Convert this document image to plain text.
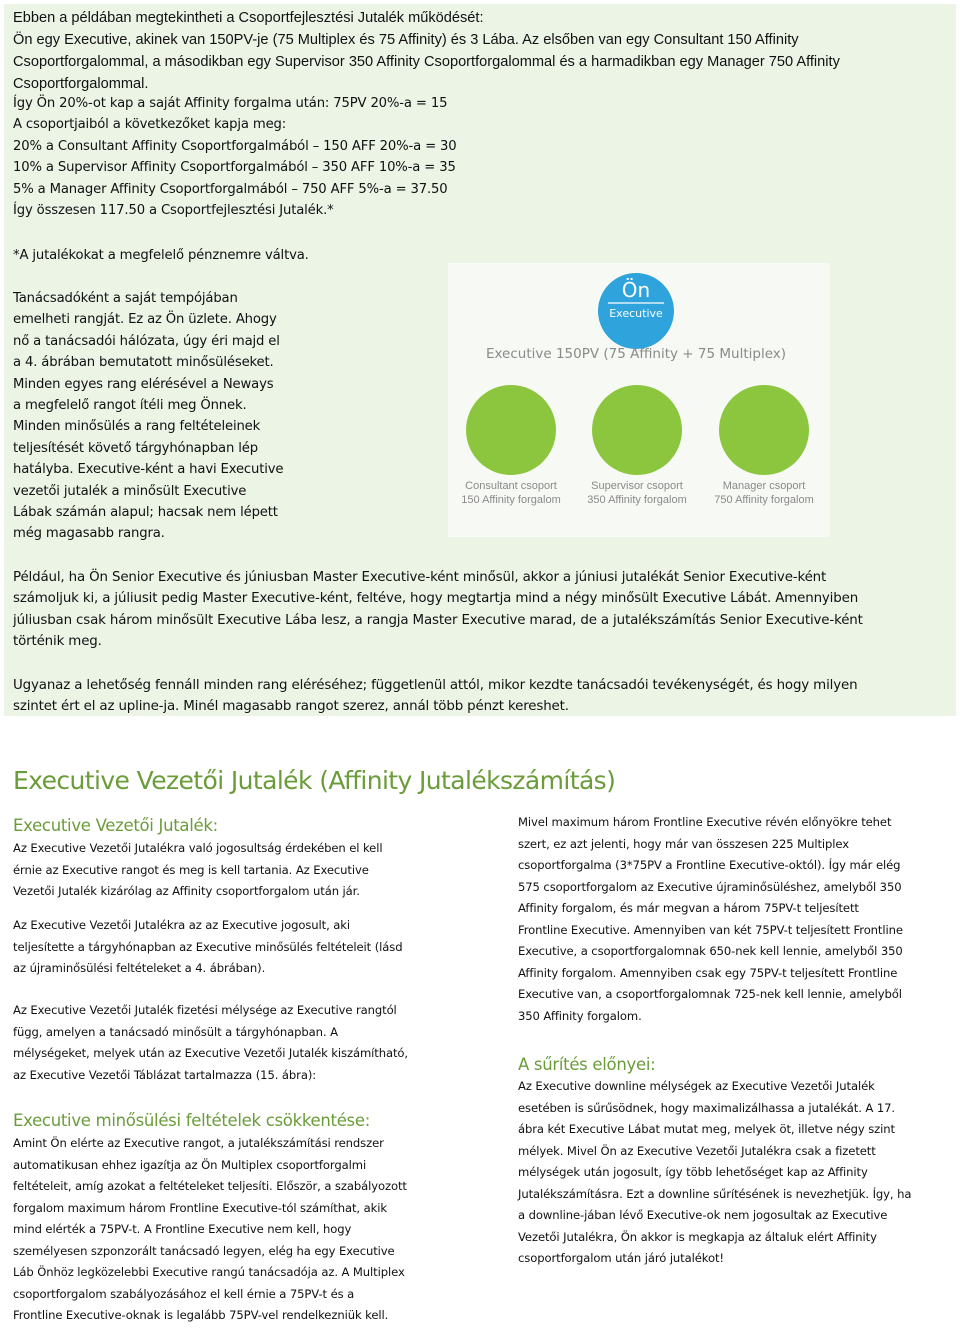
Ebben a példában megtekintheti a Csoportfejlesztési Jutalék működését:
Ön egy Executive, akinek van 150PV-je (75 Multiplex és 75 Affinity) és 3 Lába. Az elsőben van egy Consultant 150 Affinity
Csoportforgalommal, a másodikban egy Supervisor 350 Affinity Csoportforgalommal és a harmadikban egy Manager 750 Affinity
Csoportforgalommal.
Így Ön 20%-ot kap a saját Affinity forgalma után: 75PV 20%-a = 15
A csoportjaiból a következőket kapja meg:
20% a Consultant Affinity Csoportforgalmából – 150 AFF 20%-a = 30
10% a Supervisor Affinity Csoportforgalmából – 350 AFF 10%-a = 35
5% a Manager Affinity Csoportforgalmából – 750 AFF 5%-a = 37.50
Így összesen 117.50 a Csoportfejlesztési Jutalék.*
*A jutalékokat a megfelelő pénznemre váltva.
Tanácsadóként a saját tempójában
emelheti rangját. Ez az Ön üzlete. Ahogy
nő a tanácsadói hálózata, úgy éri majd el
a 4. ábrában bemutatott minősüléseket.
Minden egyes rang elérésével a Neways
a megfelelő rangot ítéli meg Önnek.
Minden minősülés a rang feltételeinek
teljesítését követő tárgyhónapban lép
hatályba. Executive-ként a havi Executive
vezetői jutalék a minősült Executive
Lábak számán alapul; hacsak nem lépett
még magasabb rangra.
Ön
Executive
Executive 150PV (75 Affinity + 75 Multiplex)
Consultant csoport
150 Affinity forgalom
Supervisor csoport
350 Affinity forgalom
Manager csoport
750 Affinity forgalom
Például, ha Ön Senior Executive és júniusban Master Executive-ként minősül, akkor a júniusi jutalékát Senior Executive-ként
számoljuk ki, a júliusit pedig Master Executive-ként, feltéve, hogy megtartja mind a négy minősült Executive Lábát. Amennyiben
júliusban csak három minősült Executive Lába lesz, a rangja Master Executive marad, de a jutalékszámítás Senior Executive-ként
történik meg.
Ugyanaz a lehetőség fennáll minden rang eléréséhez; függetlenül attól, mikor kezdte tanácsadói tevékenységét, és hogy milyen
szintet ért el az upline-ja. Minél magasabb rangot szerez, annál több pénzt kereshet.
Executive Vezetői Jutalék (Affinity Jutalékszámítás)
Executive Vezetői Jutalék:
Az Executive Vezetői Jutalékra való jogosultság érdekében el kell
érnie az Executive rangot és meg is kell tartania. Az Executive
Vezetői Jutalék kizárólag az Affinity csoportforgalom után jár.
Az Executive Vezetői Jutalékra az az Executive jogosult, aki
teljesítette a tárgyhónapban az Executive minősülés feltételeit (lásd
az újraminősülési feltételeket a 4. ábrában).
Az Executive Vezetői Jutalék fizetési mélysége az Executive rangtól
függ, amelyen a tanácsadó minősült a tárgyhónapban. A
mélységeket, melyek után az Executive Vezetői Jutalék kiszámítható,
az Executive Vezetői Táblázat tartalmazza (15. ábra):
Executive minősülési feltételek csökkentése:
Amint Ön elérte az Executive rangot, a jutalékszámítási rendszer
automatikusan ehhez igazítja az Ön Multiplex csoportforgalmi
feltételeit, amíg azokat a feltételeket teljesíti. Először, a szabályozott
forgalom maximum három Frontline Executive-tól számíthat, akik
mind elérték a 75PV-t. A Frontline Executive nem kell, hogy
személyesen szponzorált tanácsadó legyen, elég ha egy Executive
Láb Önhöz legközelebbi Executive rangú tanácsadója az. A Multiplex
csoportforgalom szabályozásához el kell érnie a 75PV-t és a
Frontline Executive-oknak is legalább 75PV-vel rendelkezniük kell.
Mivel maximum három Frontline Executive révén előnyökre tehet
szert, ez azt jelenti, hogy már van összesen 225 Multiplex
csoportforgalma (3*75PV a Frontline Executive-októl). Így már elég
575 csoportforgalom az Executive újraminősüléshez, amelyből 350
Affinity forgalom, és már megvan a három 75PV-t teljesített
Frontline Executive. Amennyiben van két 75PV-t teljesített Frontline
Executive, a csoportforgalomnak 650-nek kell lennie, amelyből 350
Affinity forgalom. Amennyiben csak egy 75PV-t teljesített Frontline
Executive van, a csoportforgalomnak 725-nek kell lennie, amelyből
350 Affinity forgalom.
A sűrítés előnyei:
Az Executive downline mélységek az Executive Vezetői Jutalék
esetében is sűrűsödnek, hogy maximalizálhassa a jutalékát. A 17.
ábra két Executive Lábat mutat meg, melyek öt, illetve négy szint
mélyek. Mivel Ön az Executive Vezetői Jutalékra csak a fizetett
mélységek után jogosult, így több lehetőséget kap az Affinity
Jutalékszámításra. Ezt a downline sűrítésének is nevezhetjük. Így, ha
a downline-jában lévő Executive-ok nem jogosultak az Executive
Vezetői Jutalékra, Ön akkor is megkapja az általuk elért Affinity
csoportforgalom után járó jutalékot!
